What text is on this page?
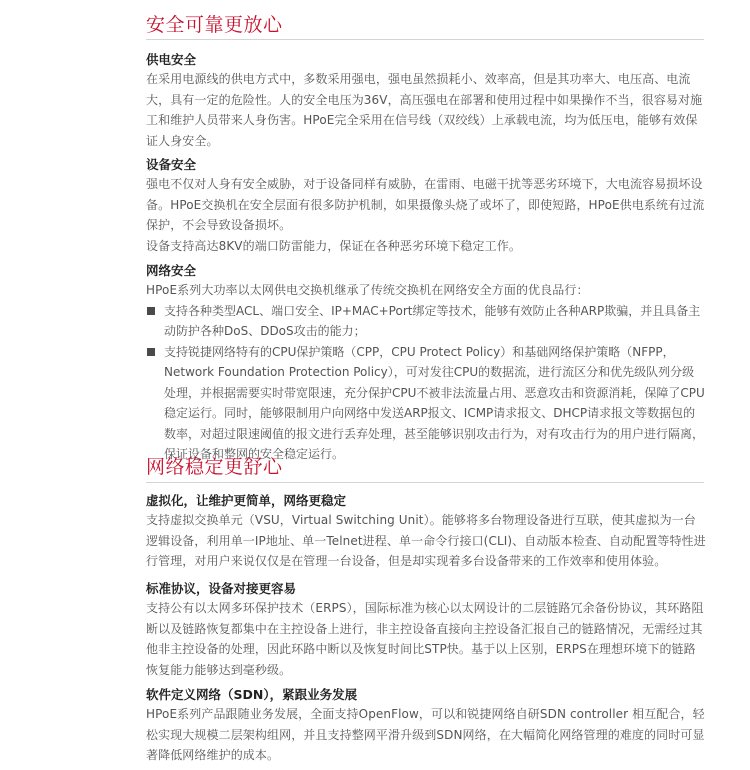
安全可靠更放心

供电安全

在采用电源线的供电方式中，多数采用强电，强电虽然损耗小、效率高，但是其功率大、电压高、电流大，具有一定的危险性。人的安全电压为36V，高压强电在部署和使用过程中如果操作不当，很容易对施工和维护人员带来人身伤害。HPoE完全采用在信号线（双绞线）上承载电流，均为低压电，能够有效保证人身安全。

设备安全

强电不仅对人身有安全威胁，对于设备同样有威胁，在雷雨、电磁干扰等恶劣环境下，大电流容易损坏设备。HPoE交换机在安全层面有很多防护机制，如果摄像头烧了或坏了，即使短路，HPoE供电系统有过流保护，不会导致设备损坏。

设备支持高达8KV的端口防雷能力，保证在各种恶劣环境下稳定工作。

网络安全

HPoE系列大功率以太网供电交换机继承了传统交换机在网络安全方面的优良品行：

支持各种类型ACL、端口安全、IP+MAC+Port绑定等技术，能够有效防止各种ARP欺骗，并且具备主动防护各种DoS、DDoS攻击的能力；
支持锐捷网络特有的CPU保护策略（CPP，CPU Protect Policy）和基础网络保护策略（NFPP，Network Foundation Protection Policy），可对发往CPU的数据流，进行流区分和优先级队列分级处理，并根据需要实时带宽限速，充分保护CPU不被非法流量占用、恶意攻击和资源消耗，保障了CPU稳定运行。同时，能够限制用户向网络中发送ARP报文、ICMP请求报文、DHCP请求报文等数据包的数率，对超过限速阈值的报文进行丢弃处理，甚至能够识别攻击行为，对有攻击行为的用户进行隔离，保证设备和整网的安全稳定运行。
网络稳定更舒心

虚拟化，让维护更简单，网络更稳定

支持虚拟交换单元（VSU，Virtual Switching Unit）。能够将多台物理设备进行互联，使其虚拟为一台逻辑设备，利用单一IP地址、单一Telnet进程、单一命令行接口(CLI)、自动版本检查、自动配置等特性进行管理，对用户来说仅仅是在管理一台设备，但是却实现着多台设备带来的工作效率和使用体验。

标准协议，设备对接更容易

支持公有以太网多环保护技术（ERPS），国际标准为核心以太网设计的二层链路冗余备份协议，其环路阻断以及链路恢复都集中在主控设备上进行，非主控设备直接向主控设备汇报自己的链路情况，无需经过其他非主控设备的处理，因此环路中断以及恢复时间比STP快。基于以上区别，ERPS在理想环境下的链路恢复能力能够达到毫秒级。

软件定义网络（SDN），紧跟业务发展

HPoE系列产品跟随业务发展，全面支持OpenFlow，可以和锐捷网络自研SDN controller 相互配合，轻松实现大规模二层架构组网，并且支持整网平滑升级到SDN网络，在大幅简化网络管理的难度的同时可显著降低网络维护的成本。
